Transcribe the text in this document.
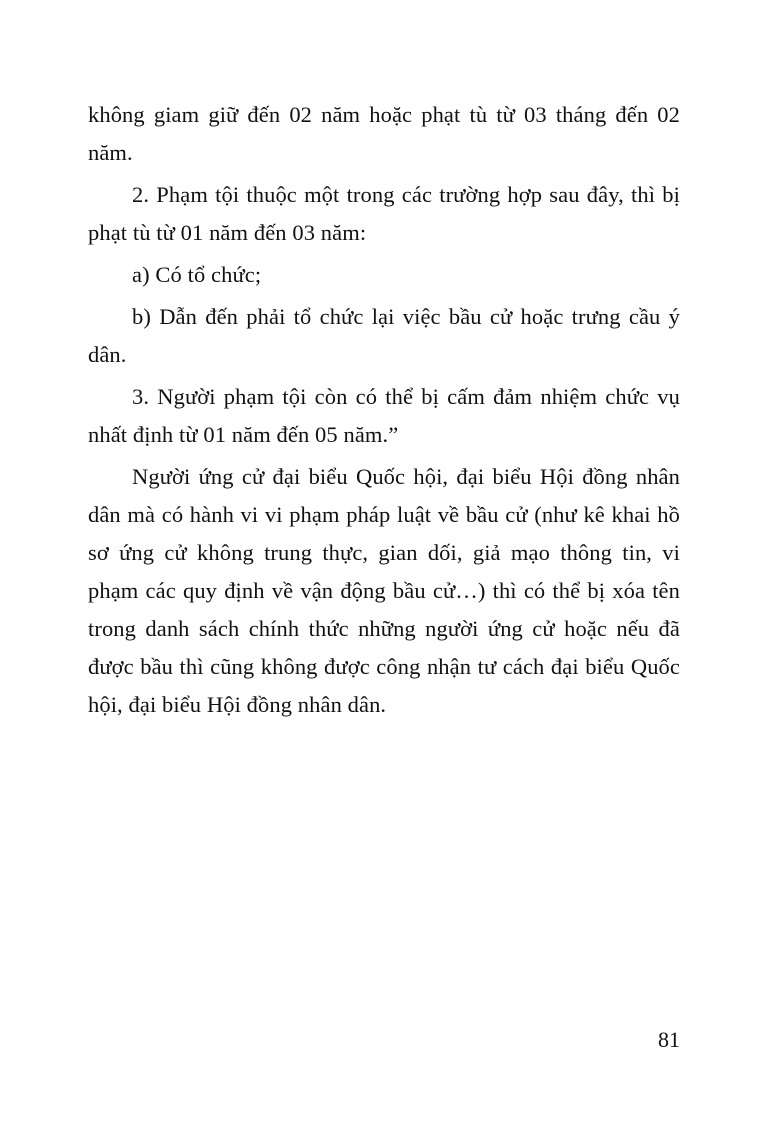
không giam giữ đến 02 năm hoặc phạt tù từ 03 tháng đến 02 năm.

2. Phạm tội thuộc một trong các trường hợp sau đây, thì bị phạt tù từ 01 năm đến 03 năm:

a) Có tổ chức;

b) Dẫn đến phải tổ chức lại việc bầu cử hoặc trưng cầu ý dân.

3. Người phạm tội còn có thể bị cấm đảm nhiệm chức vụ nhất định từ 01 năm đến 05 năm.”

Người ứng cử đại biểu Quốc hội, đại biểu Hội đồng nhân dân mà có hành vi vi phạm pháp luật về bầu cử (như kê khai hồ sơ ứng cử không trung thực, gian dối, giả mạo thông tin, vi phạm các quy định về vận động bầu cử…) thì có thể bị xóa tên trong danh sách chính thức những người ứng cử hoặc nếu đã được bầu thì cũng không được công nhận tư cách đại biểu Quốc hội, đại biểu Hội đồng nhân dân.

81
